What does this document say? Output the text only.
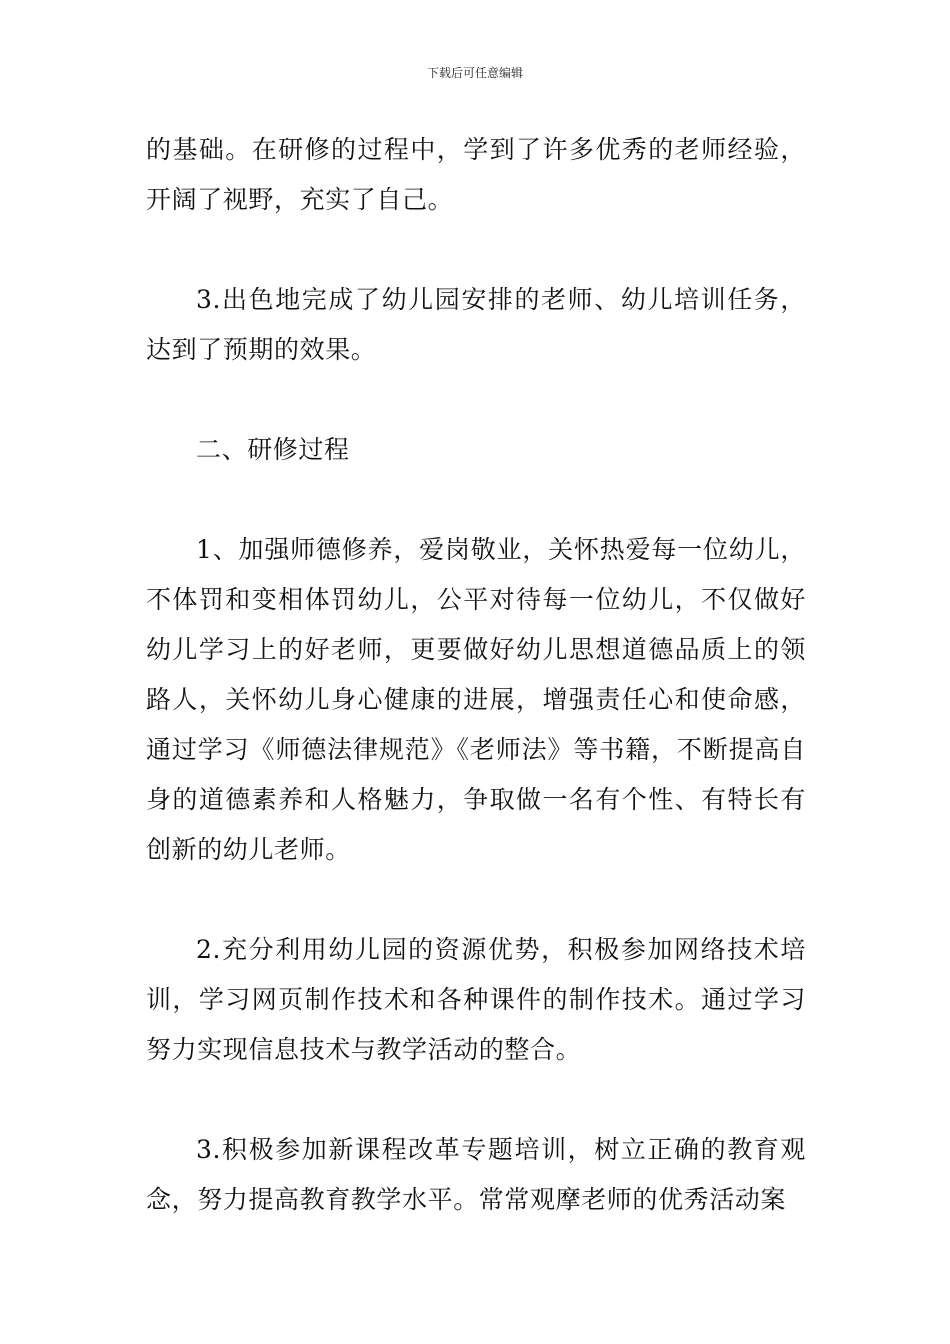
下载后可任意编辑

的基础。在研修的过程中，学到了许多优秀的老师经验，开阔了视野，充实了自己。

3.出色地完成了幼儿园安排的老师、幼儿培训任务，达到了预期的效果。

二、研修过程

1、加强师德修养，爱岗敬业，关怀热爱每一位幼儿，不体罚和变相体罚幼儿，公平对待每一位幼儿，不仅做好幼儿学习上的好老师，更要做好幼儿思想道德品质上的领路人，关怀幼儿身心健康的进展，增强责任心和使命感，通过学习《师德法律规范》《老师法》等书籍，不断提高自身的道德素养和人格魅力，争取做一名有个性、有特长有创新的幼儿老师。

2.充分利用幼儿园的资源优势，积极参加网络技术培训，学习网页制作技术和各种课件的制作技术。通过学习努力实现信息技术与教学活动的整合。

3.积极参加新课程改革专题培训，树立正确的教育观念，努力提高教育教学水平。常常观摩老师的优秀活动案
